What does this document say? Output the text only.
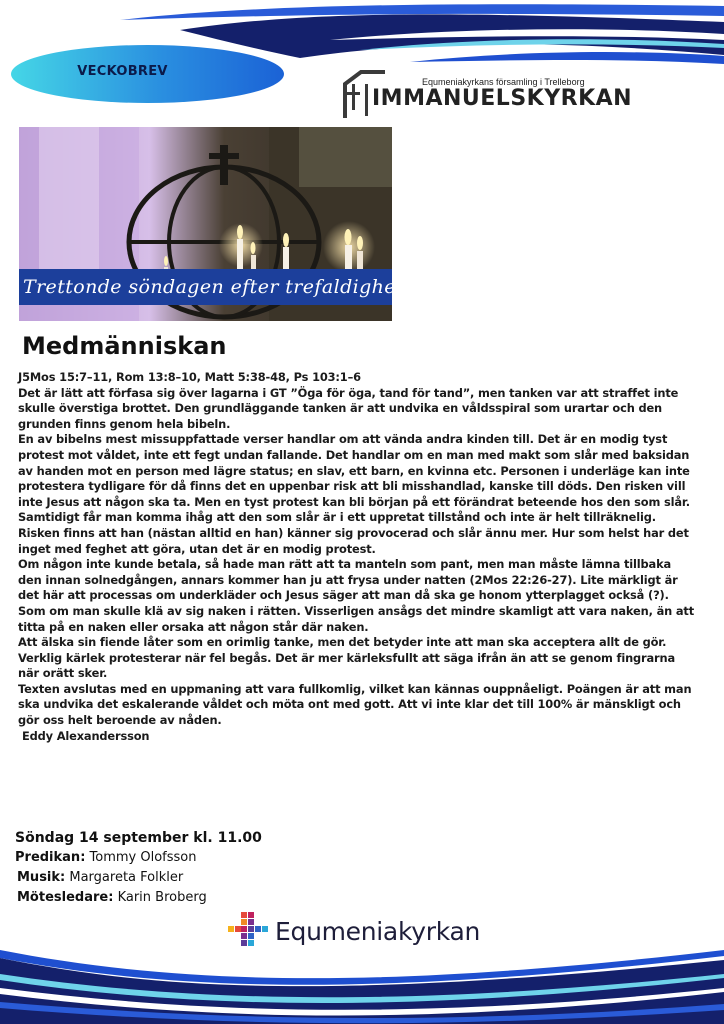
VECKOBREV
Equmeniakyrkans församling i Trelleborg
IMMANUELSKYRKAN
Trettonde söndagen efter trefaldighet
Medmänniskan

J5Mos 15:7–11, Rom 13:8–10, Matt 5:38-48, Ps 103:1–6

Det är lätt att förfasa sig över lagarna i GT ”Öga för öga, tand för tand”, men tanken var att straffet inte skulle överstiga brottet. Den grundläggande tanken är att undvika en våldsspiral som urartar och den grunden finns genom hela bibeln.

En av bibelns mest missuppfattade verser handlar om att vända andra kinden till. Det är en modig tyst protest mot våldet, inte ett fegt undan fallande. Det handlar om en man med makt som slår med baksidan av handen mot en person med lägre status; en slav, ett barn, en kvinna etc. Personen i underläge kan inte protestera tydligare för då finns det en uppenbar risk att bli misshandlad, kanske till döds. Den risken vill inte Jesus att någon ska ta. Men en tyst protest kan bli början på ett förändrat beteende hos den som slår. Samtidigt får man komma ihåg att den som slår är i ett uppretat tillstånd och inte är helt tillräknelig. Risken finns att han (nästan alltid en han) känner sig provocerad och slår ännu mer. Hur som helst har det inget med feghet att göra, utan det är en modig protest.

Om någon inte kunde betala, så hade man rätt att ta manteln som pant, men man måste lämna tillbaka den innan solnedgången, annars kommer han ju att frysa under natten (2Mos 22:26-27). Lite märkligt är det här att processas om underkläder och Jesus säger att man då ska ge honom ytterplagget också (?). Som om man skulle klä av sig naken i rätten. Visserligen ansågs det mindre skamligt att vara naken, än att titta på en naken eller orsaka att någon står där naken.

Att älska sin fiende låter som en orimlig tanke, men det betyder inte att man ska acceptera allt de gör. Verklig kärlek protesterar när fel begås. Det är mer kärleksfullt att säga ifrån än att se genom fingrarna när orätt sker.

Texten avslutas med en uppmaning att vara fullkomlig, vilket kan kännas ouppnåeligt. Poängen är att man ska undvika det eskalerande våldet och möta ont med gott. Att vi inte klar det till 100% är mänskligt och gör oss helt beroende av nåden.

Eddy Alexandersson

Söndag 14 september kl. 11.00
Predikan: Tommy Olofsson
Musik: Margareta Folkler
Mötesledare: Karin Broberg
Equmeniakyrkan
